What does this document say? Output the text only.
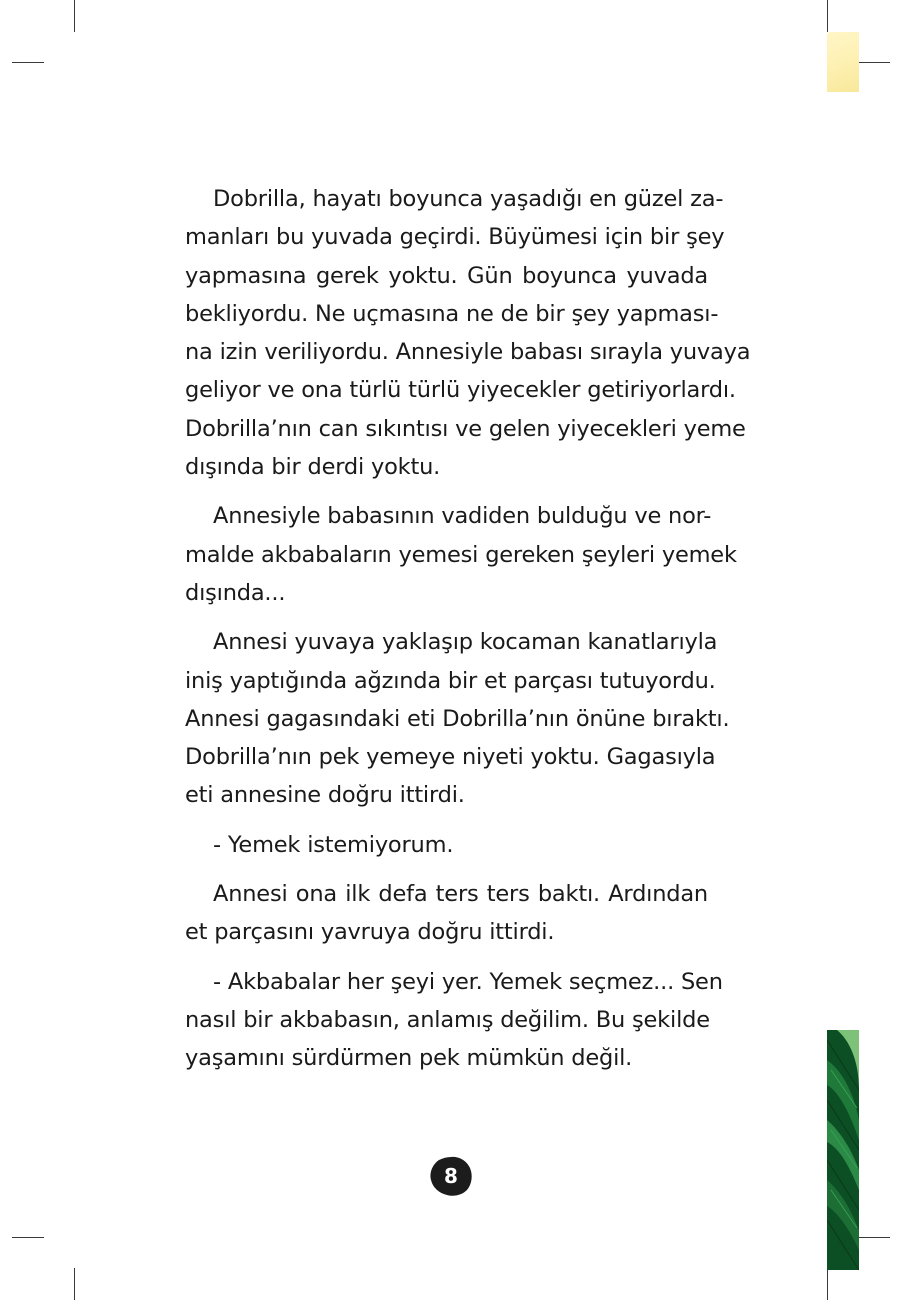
Dobrilla, hayatı boyunca yaşadığı en güzel za-
manları bu yuvada geçirdi. Büyümesi için bir şey
yapmasına gerek yoktu. Gün boyunca yuvada
bekliyordu. Ne uçmasına ne de bir şey yapması-
na izin veriliyordu. Annesiyle babası sırayla yuvaya
geliyor ve ona türlü türlü yiyecekler getiriyorlardı.
Dobrilla’nın can sıkıntısı ve gelen yiyecekleri yeme
dışında bir derdi yoktu.

Annesiyle babasının vadiden bulduğu ve nor-
malde akbabaların yemesi gereken şeyleri yemek
dışında...

Annesi yuvaya yaklaşıp kocaman kanatlarıyla
iniş yaptığında ağzında bir et parçası tutuyordu.
Annesi gagasındaki eti Dobrilla’nın önüne bıraktı.
Dobrilla’nın pek yemeye niyeti yoktu. Gagasıyla
eti annesine doğru ittirdi.

- Yemek istemiyorum.

Annesi ona ilk defa ters ters baktı. Ardından
et parçasını yavruya doğru ittirdi.

- Akbabalar her şeyi yer. Yemek seçmez... Sen
nasıl bir akbabasın, anlamış değilim. Bu şekilde
yaşamını sürdürmen pek mümkün değil.

8
